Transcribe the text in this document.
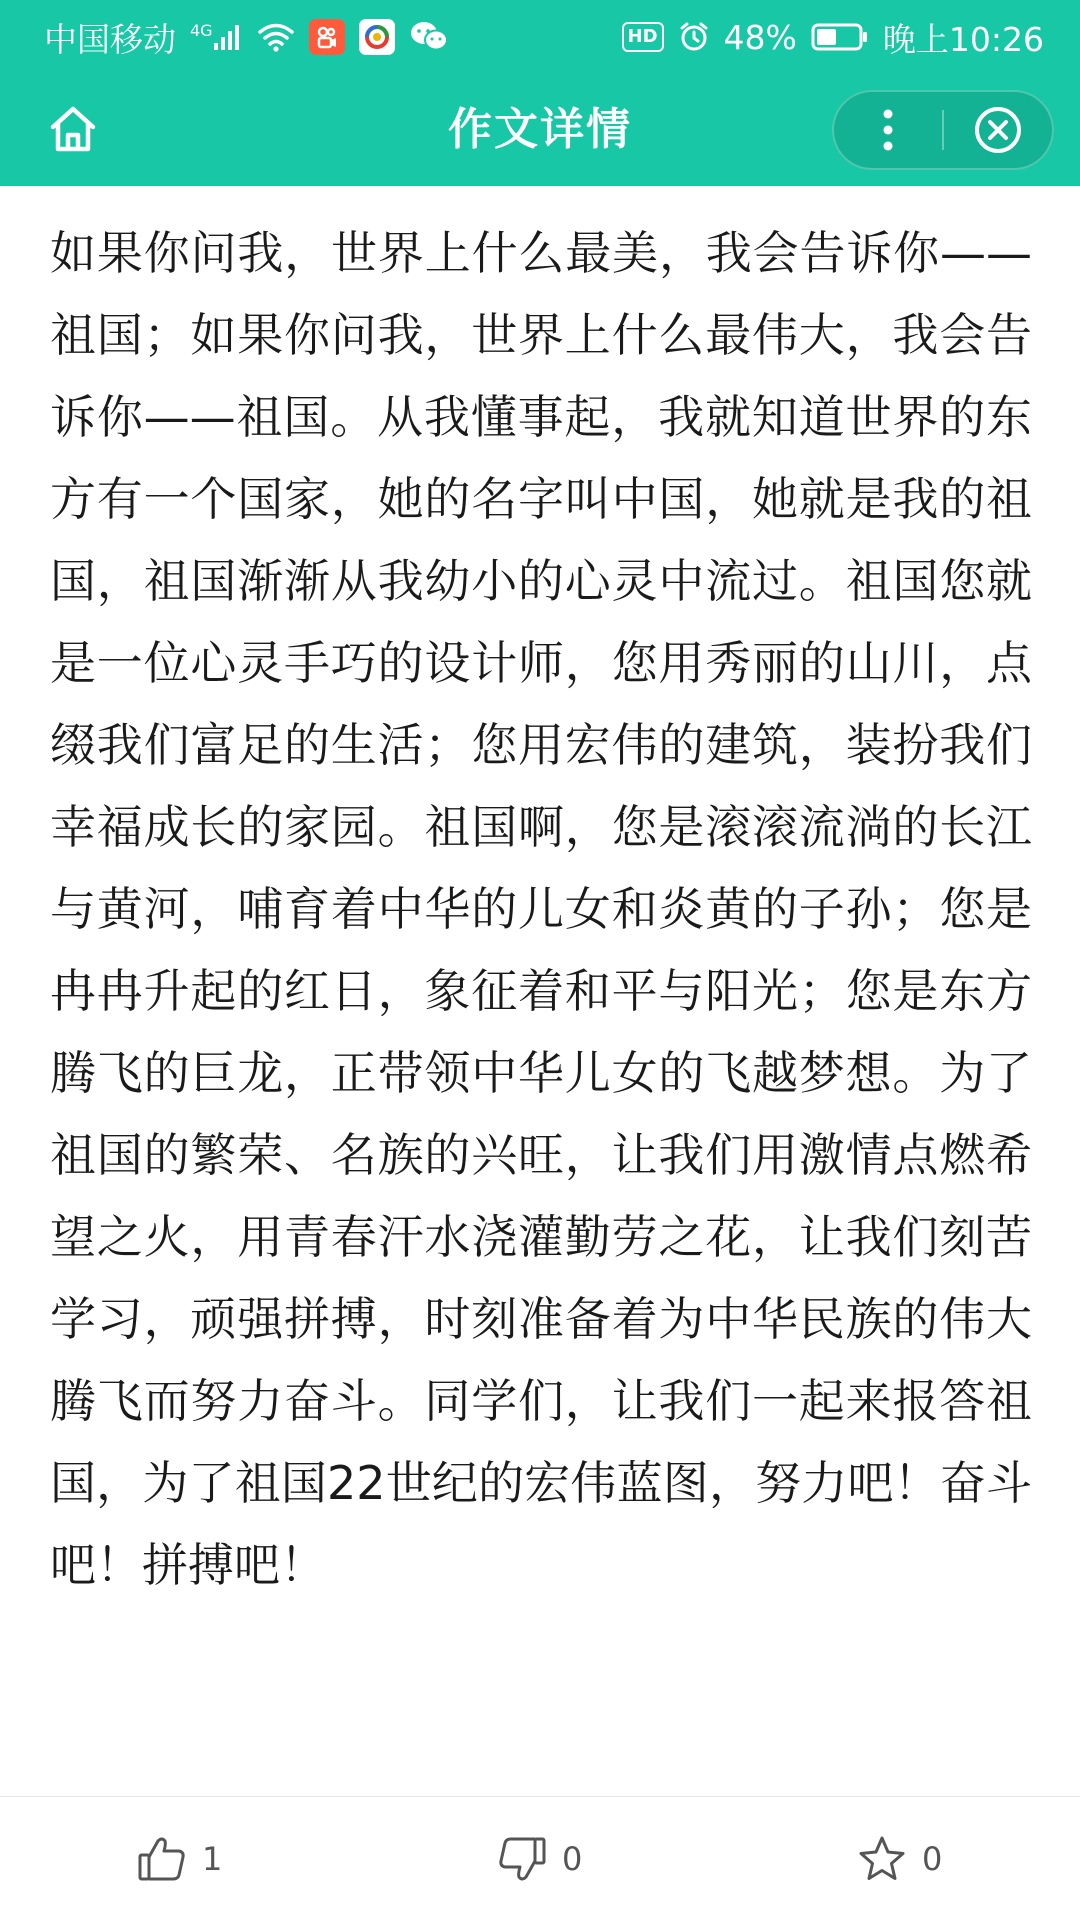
中国移动 4G	HD 48%	晚上10:26
作文详情

如果你问我，世界上什么最美，我会告诉你——祖国；如果你问我，世界上什么最伟大，我会告诉你——祖国。从我懂事起，我就知道世界的东方有一个国家，她的名字叫中国，她就是我的祖国，祖国渐渐从我幼小的心灵中流过。祖国您就是一位心灵手巧的设计师，您用秀丽的山川，点缀我们富足的生活；您用宏伟的建筑，装扮我们幸福成长的家园。祖国啊，您是滚滚流淌的长江与黄河，哺育着中华的儿女和炎黄的子孙；您是冉冉升起的红日，象征着和平与阳光；您是东方腾飞的巨龙，正带领中华儿女的飞越梦想。为了祖国的繁荣、名族的兴旺，让我们用激情点燃希望之火，用青春汗水浇灌勤劳之花，让我们刻苦学习，顽强拼搏，时刻准备着为中华民族的伟大腾飞而努力奋斗。同学们，让我们一起来报答祖国，为了祖国22世纪的宏伟蓝图，努力吧！奋斗吧！拼搏吧！

1	0	0
